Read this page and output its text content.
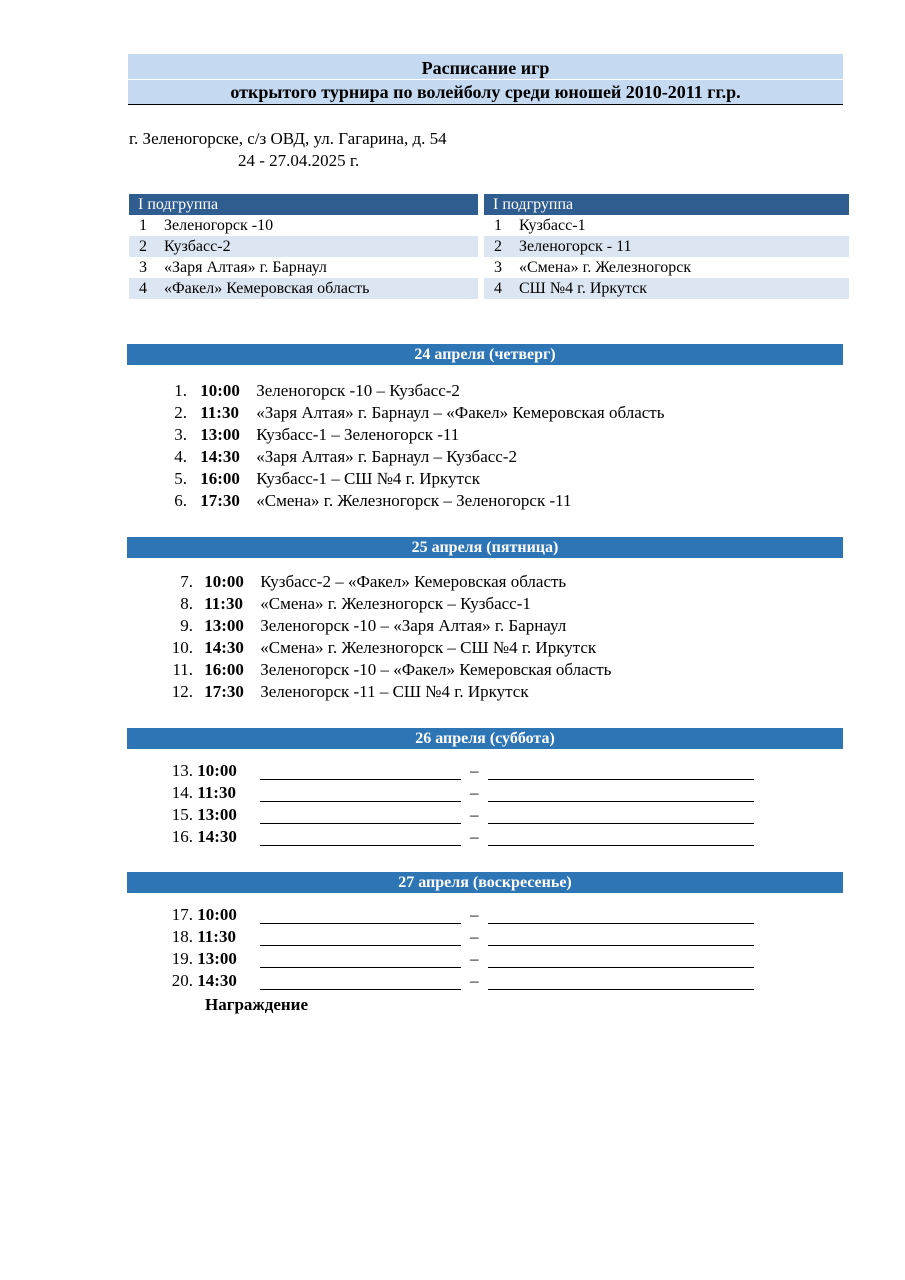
Расписание игр
открытого турнира по волейболу среди юношей 2010-2011 гг.р.
г. Зеленогорске, с/з ОВД, ул. Гагарина, д. 54
24 - 27.04.2025 г.
I подгруппа
1 Зеленогорск -10
2 Кузбасс-2
3 «Заря Алтая» г. Барнаул
4 «Факел» Кемеровская область
I подгруппа
1 Кузбасс-1
2 Зеленогорск - 11
3 «Смена» г. Железногорск
4 СШ №4 г. Иркутск
24 апреля (четверг)
1. 10:00 Зеленогорск -10 – Кузбасс-2
2. 11:30 «Заря Алтая» г. Барнаул – «Факел» Кемеровская область
3. 13:00 Кузбасс-1 – Зеленогорск -11
4. 14:30 «Заря Алтая» г. Барнаул – Кузбасс-2
5. 16:00 Кузбасс-1 – СШ №4 г. Иркутск
6. 17:30 «Смена» г. Железногорск – Зеленогорск -11
25 апреля (пятница)
7. 10:00 Кузбасс-2 – «Факел» Кемеровская область
8. 11:30 «Смена» г. Железногорск – Кузбасс-1
9. 13:00 Зеленогорск -10 – «Заря Алтая» г. Барнаул
10. 14:30 «Смена» г. Железногорск – СШ №4 г. Иркутск
11. 16:00 Зеленогорск -10 – «Факел» Кемеровская область
12. 17:30 Зеленогорск -11 – СШ №4 г. Иркутск
26 апреля (суббота)
13. 10:00
14. 11:30
15. 13:00
16. 14:30
–
–
–
–
27 апреля (воскресенье)
17. 10:00
18. 11:30
19. 13:00
20. 14:30
–
–
–
–
Награждение
